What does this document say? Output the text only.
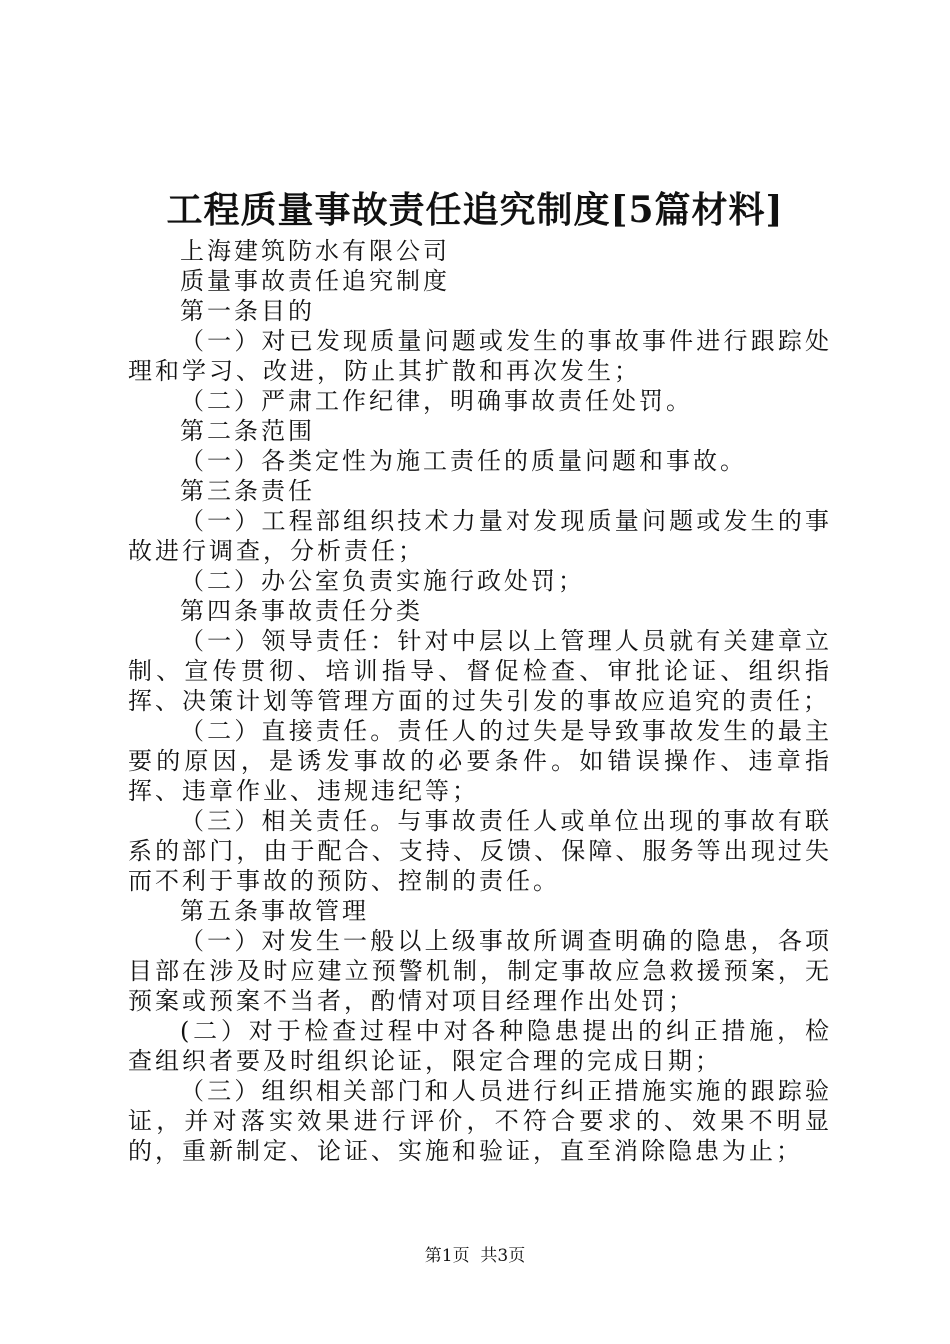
工程质量事故责任追究制度[5篇材料]

上海建筑防水有限公司

质量事故责任追究制度

第一条目的

（一）对已发现质量问题或发生的事故事件进行跟踪处理和学习、改进，防止其扩散和再次发生；

（二）严肃工作纪律，明确事故责任处罚。

第二条范围

（一）各类定性为施工责任的质量问题和事故。

第三条责任

（一）工程部组织技术力量对发现质量问题或发生的事故进行调查，分析责任；

（二）办公室负责实施行政处罚；

第四条事故责任分类

（一）领导责任：针对中层以上管理人员就有关建章立制、宣传贯彻、培训指导、督促检查、审批论证、组织指挥、决策计划等管理方面的过失引发的事故应追究的责任；

（二）直接责任。责任人的过失是导致事故发生的最主要的原因，是诱发事故的必要条件。如错误操作、违章指挥、违章作业、违规违纪等；

（三）相关责任。与事故责任人或单位出现的事故有联系的部门，由于配合、支持、反馈、保障、服务等出现过失而不利于事故的预防、控制的责任。

第五条事故管理

（一）对发生一般以上级事故所调查明确的隐患，各项目部在涉及时应建立预警机制，制定事故应急救援预案，无预案或预案不当者，酌情对项目经理作出处罚；

(二）对于检查过程中对各种隐患提出的纠正措施，检查组织者要及时组织论证，限定合理的完成日期；

（三）组织相关部门和人员进行纠正措施实施的跟踪验证，并对落实效果进行评价，不符合要求的、效果不明显的，重新制定、论证、实施和验证，直至消除隐患为止；

第1页  共3页
